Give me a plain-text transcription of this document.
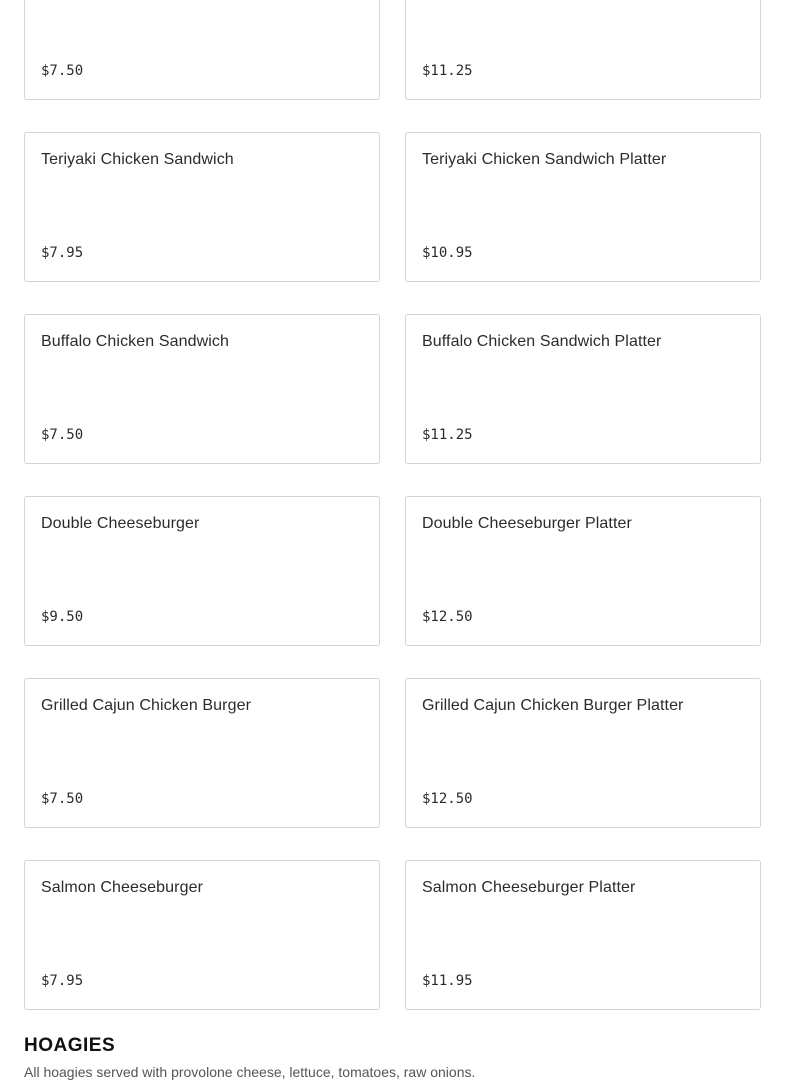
$7.50	$11.25
Teriyaki Chicken Sandwich
$7.95
Teriyaki Chicken Sandwich Platter
$10.95
Buffalo Chicken Sandwich
$7.50
Buffalo Chicken Sandwich Platter
$11.25
Double Cheeseburger
$9.50
Double Cheeseburger Platter
$12.50
Grilled Cajun Chicken Burger
$7.50
Grilled Cajun Chicken Burger Platter
$12.50
Salmon Cheeseburger
$7.95
Salmon Cheeseburger Platter
$11.95
HOAGIES

All hoagies served with provolone cheese, lettuce, tomatoes, raw onions.
